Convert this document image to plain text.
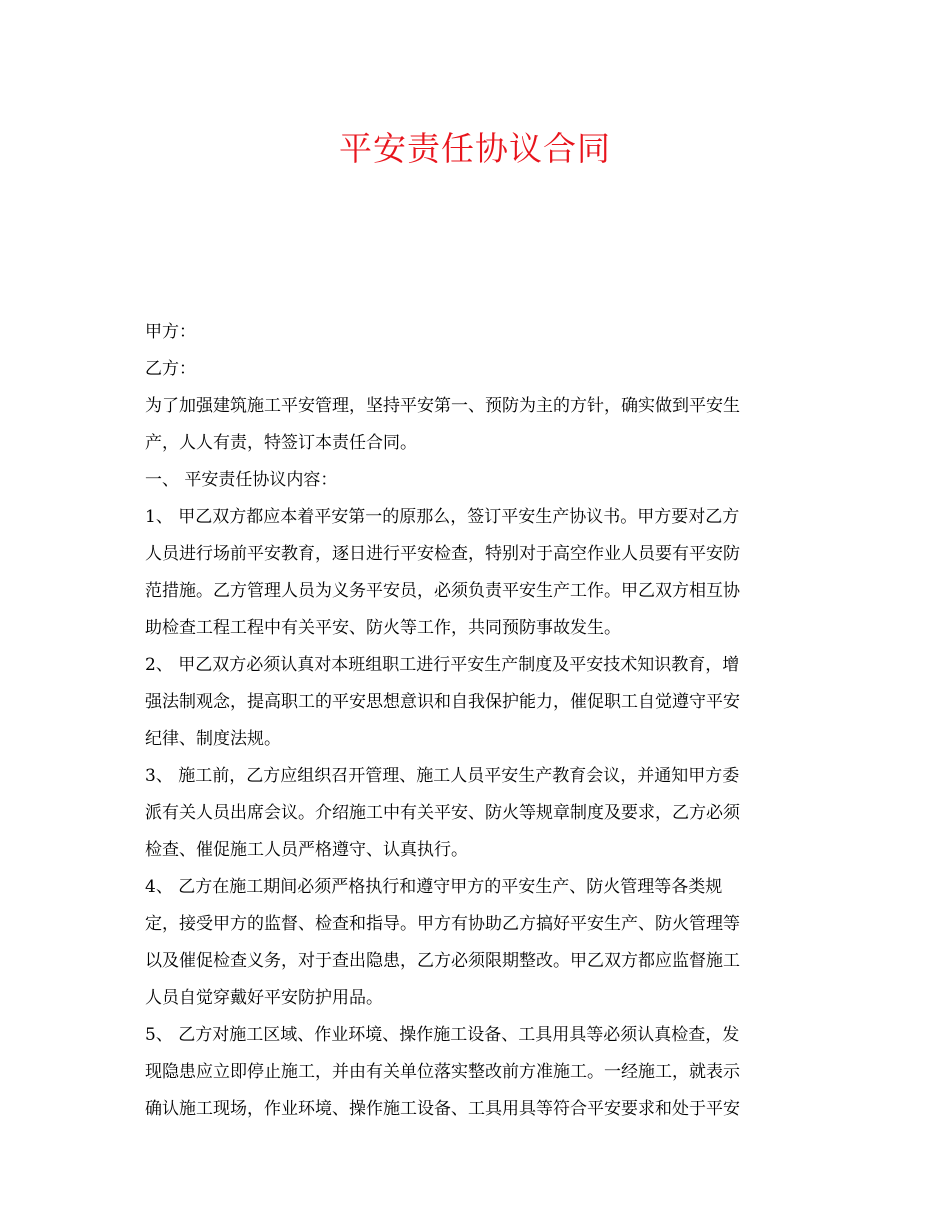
平安责任协议合同
甲方：
乙方：
为了加强建筑施工平安管理，坚持平安第一、预防为主的方针，确实做到平安生
产，人人有责，特签订本责任合同。
一、 平安责任协议内容：
1、 甲乙双方都应本着平安第一的原那么，签订平安生产协议书。甲方要对乙方
人员进行场前平安教育，逐日进行平安检查，特别对于高空作业人员要有平安防
范措施。乙方管理人员为义务平安员，必须负责平安生产工作。甲乙双方相互协
助检查工程工程中有关平安、防火等工作，共同预防事故发生。
2、 甲乙双方必须认真对本班组职工进行平安生产制度及平安技术知识教育，增
强法制观念，提高职工的平安思想意识和自我保护能力，催促职工自觉遵守平安
纪律、制度法规。
3、 施工前，乙方应组织召开管理、施工人员平安生产教育会议，并通知甲方委
派有关人员出席会议。介绍施工中有关平安、防火等规章制度及要求，乙方必须
检查、催促施工人员严格遵守、认真执行。
4、 乙方在施工期间必须严格执行和遵守甲方的平安生产、防火管理等各类规
定，接受甲方的监督、检查和指导。甲方有协助乙方搞好平安生产、防火管理等
以及催促检查义务，对于查出隐患，乙方必须限期整改。甲乙双方都应监督施工
人员自觉穿戴好平安防护用品。
5、 乙方对施工区域、作业环境、操作施工设备、工具用具等必须认真检查，发
现隐患应立即停止施工，并由有关单位落实整改前方准施工。一经施工，就表示
确认施工现场，作业环境、操作施工设备、工具用具等符合平安要求和处于平安
